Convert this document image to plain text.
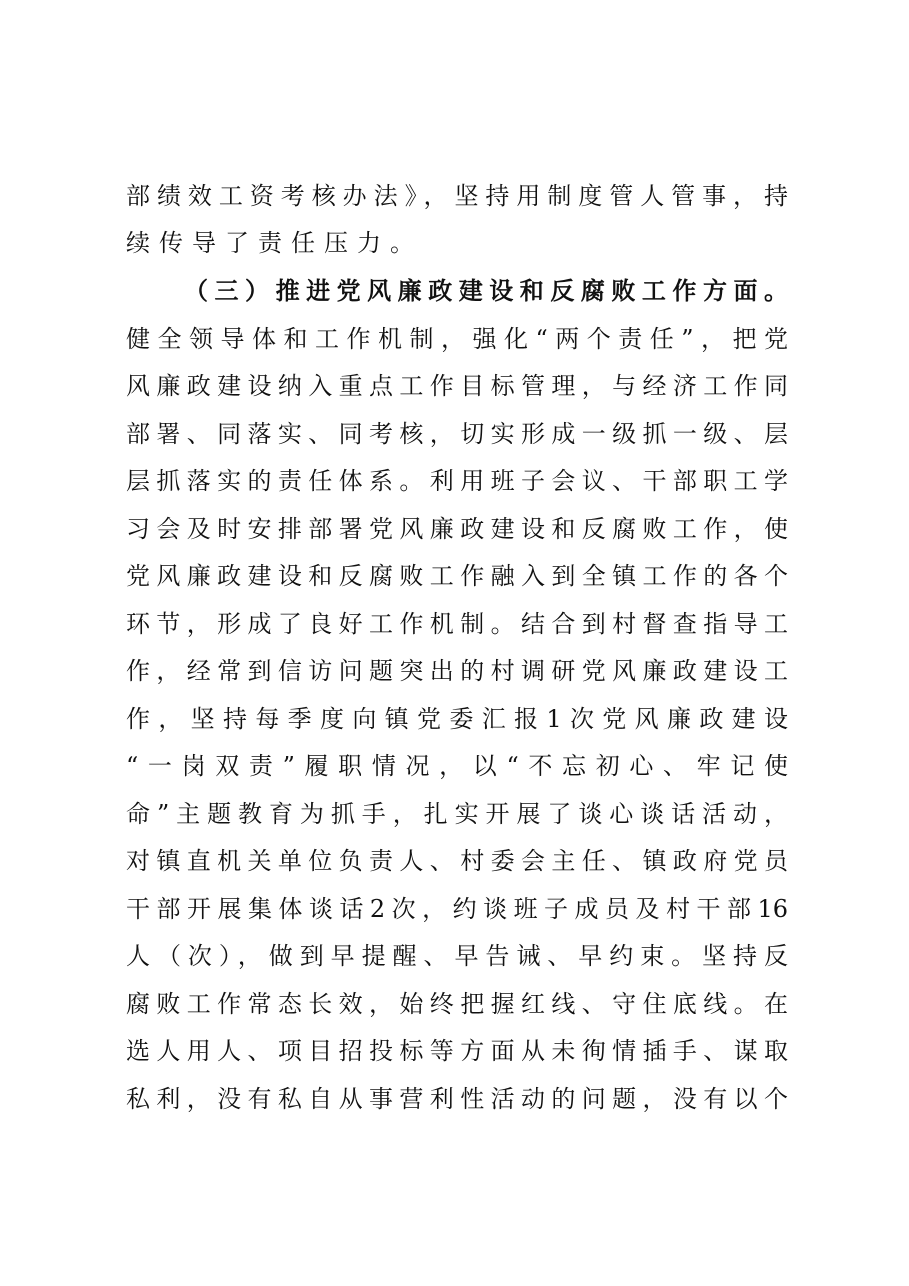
部绩效工资考核办法》，坚持用制度管人管事，持
续传导了责任压力。
（三）推进党风廉政建设和反腐败工作方面。
健全领导体和工作机制，强化“两个责任”，把党
风廉政建设纳入重点工作目标管理，与经济工作同
部署、同落实、同考核，切实形成一级抓一级、层
层抓落实的责任体系。利用班子会议、干部职工学
习会及时安排部署党风廉政建设和反腐败工作，使
党风廉政建设和反腐败工作融入到全镇工作的各个
环节，形成了良好工作机制。结合到村督查指导工
作，经常到信访问题突出的村调研党风廉政建设工
作，坚持每季度向镇党委汇报1次党风廉政建设
“一岗双责”履职情况，以“不忘初心、牢记使
命”主题教育为抓手，扎实开展了谈心谈话活动，
对镇直机关单位负责人、村委会主任、镇政府党员
干部开展集体谈话2次，约谈班子成员及村干部16
人（次），做到早提醒、早告诫、早约束。坚持反
腐败工作常态长效，始终把握红线、守住底线。在
选人用人、项目招投标等方面从未徇情插手、谋取
私利，没有私自从事营利性活动的问题，没有以个
